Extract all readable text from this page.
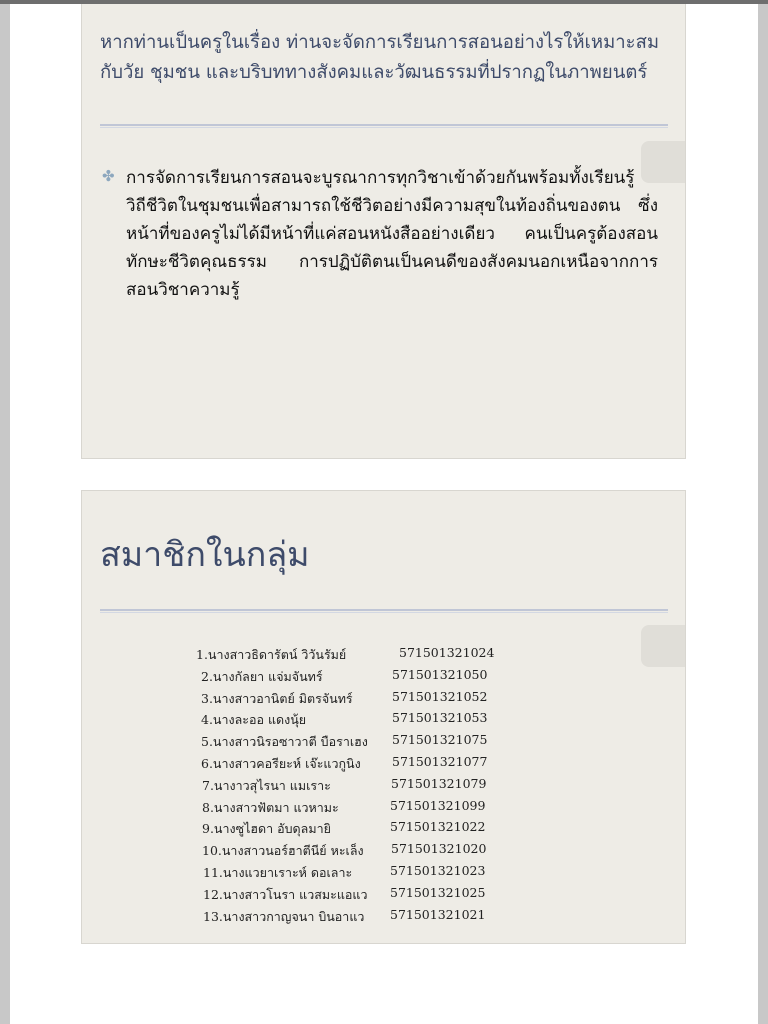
หากท่านเป็นครูในเรื่อง ท่านจะจัดการเรียนการสอนอย่างไรให้เหมาะสมกับวัย ชุมชน และบริบททางสังคมและวัฒนธรรมที่ปรากฏในภาพยนตร์
✤ การจัดการเรียนการสอนจะบูรณาการทุกวิชาเข้าด้วยกันพร้อมทั้งเรียนรู้ วิถีชีวิตในชุมชนเพื่อสามารถใช้ชีวิตอย่างมีความสุขในท้องถิ่นของตน ซึ่งหน้าที่ของครูไม่ได้มีหน้าที่แค่สอนหนังสืออย่างเดียว คนเป็นครูต้องสอนทักษะชีวิตคุณธรรม การปฏิบัติตนเป็นคนดีของสังคมนอกเหนือจากการสอนวิชาความรู้
สมาชิกในกลุ่ม
1.นางสาวธิดารัตน์ วิวันรัมย์	571501321024
2.นางกัลยา แจ่มจันทร์	571501321050
3.นางสาวอานิตย์ มิตรจันทร์	571501321052
4.นางละออ แดงนุ้ย	571501321053
5.นางสาวนิรอซาวาตี บือราเฮง 571501321075
6.นางสาวคอรียะห์ เจ๊ะแวกูนิง	571501321077
7.นางาวสุไรนา แมเราะ	571501321079
8.นางสาวฟัตมา แวหามะ	571501321099
9.นางซูไฮดา อับดุลมายิ	571501321022
10.นางสาวนอร์ฮาตีนีย์ หะเล็ง 571501321020
11.นางแวยาเราะห์ ดอเลาะ	571501321023
12.นางสาวโนรา แวสมะแอแว 571501321025
13.นางสาวกาญจนา บินอาแว 571501321021
